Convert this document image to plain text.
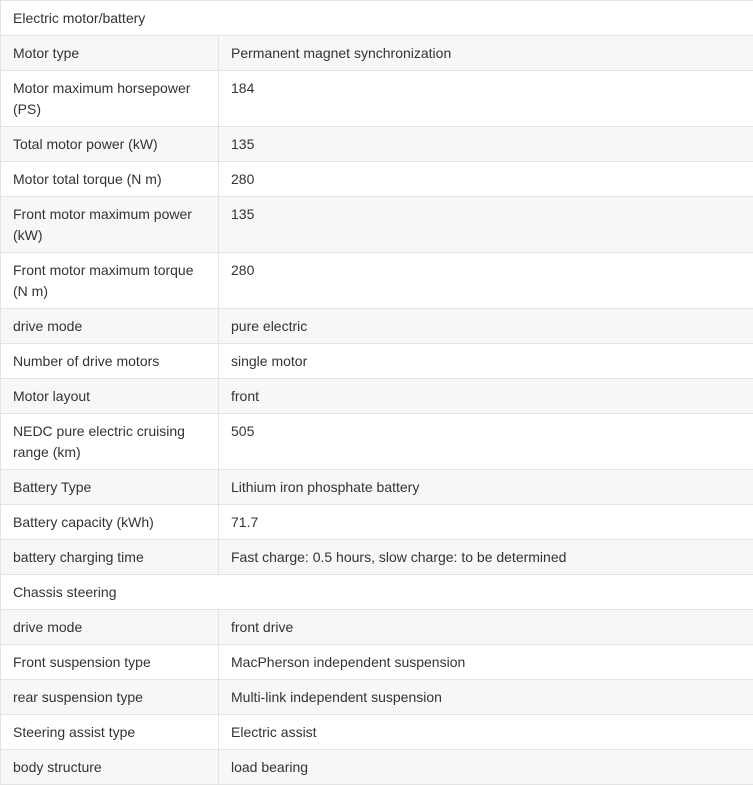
Electric motor/battery	
Motor type	Permanent magnet synchronization
Motor maximum horsepower (PS)	184
Total motor power (kW)	135
Motor total torque (N m)	280
Front motor maximum power (kW)	135
Front motor maximum torque (N m)	280
drive mode	pure electric
Number of drive motors	single motor
Motor layout	front
NEDC pure electric cruising range (km)	505
Battery Type	Lithium iron phosphate battery
Battery capacity (kWh)	71.7
battery charging time	Fast charge: 0.5 hours, slow charge: to be determined
Chassis steering	
drive mode	front drive
Front suspension type	MacPherson independent suspension
rear suspension type	Multi-link independent suspension
Steering assist type	Electric assist
body structure	load bearing
